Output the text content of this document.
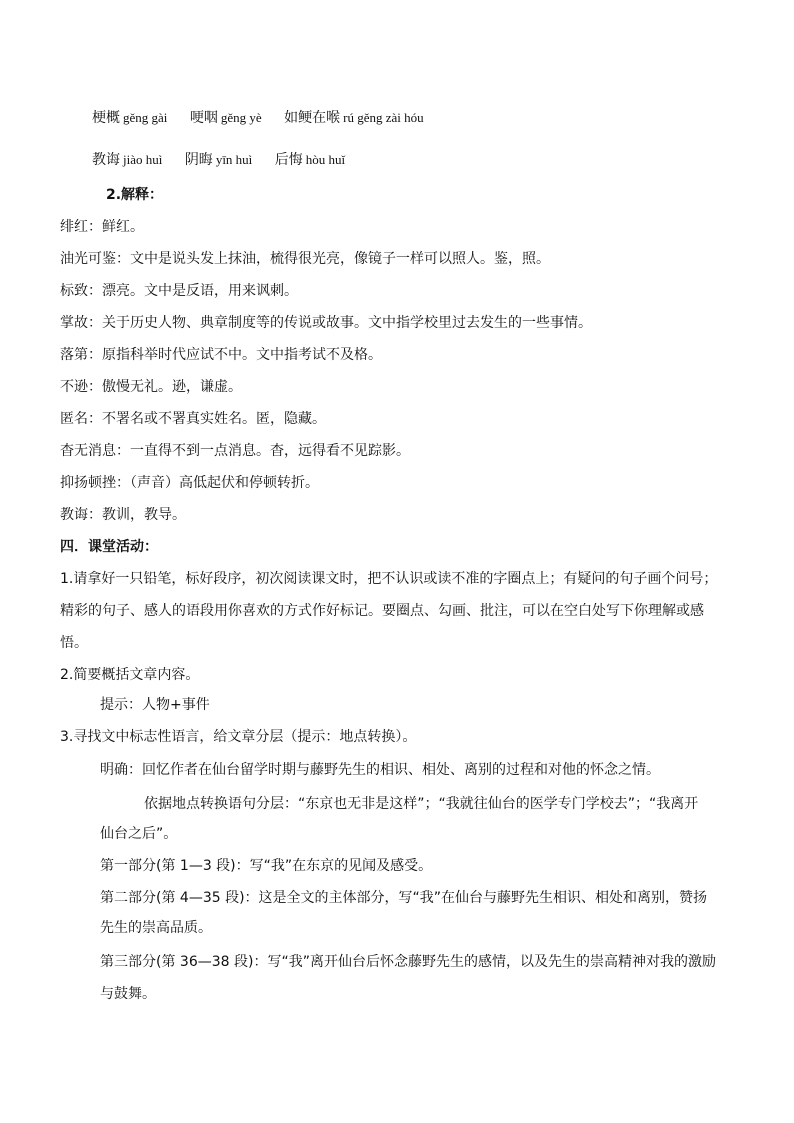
梗概 gěng gài 哽咽 gěng yè 如鲠在喉 rú gěng zài hóu
教诲 jiào huì 阴晦 yīn huì 后悔 hòu huǐ
2.解释：
绯红：鲜红。
油光可鉴：文中是说头发上抹油，梳得很光亮，像镜子一样可以照人。鉴，照。
标致：漂亮。文中是反语，用来讽刺。
掌故：关于历史人物、典章制度等的传说或故事。文中指学校里过去发生的一些事情。
落第：原指科举时代应试不中。文中指考试不及格。
不逊：傲慢无礼。逊，谦虚。
匿名：不署名或不署真实姓名。匿，隐藏。
杳无消息：一直得不到一点消息。杳，远得看不见踪影。
抑扬顿挫：（声音）高低起伏和停顿转折。
教诲：教训，教导。
四．课堂活动：
1.请拿好一只铅笔，标好段序，初次阅读课文时，把不认识或读不准的字圈点上；有疑问的句子画个问号；
精彩的句子、感人的语段用你喜欢的方式作好标记。要圈点、勾画、批注，可以在空白处写下你理解或感
悟。
2.简要概括文章内容。
提示：人物+事件
3.寻找文中标志性语言，给文章分层（提示：地点转换）。
明确：回忆作者在仙台留学时期与藤野先生的相识、相处、离别的过程和对他的怀念之情。
依据地点转换语句分层：“东京也无非是这样”；“我就往仙台的医学专门学校去”；“我离开
仙台之后”。
第一部分(第 1—3 段)：写“我”在东京的见闻及感受。
第二部分(第 4—35 段)：这是全文的主体部分，写“我”在仙台与藤野先生相识、相处和离别，赞扬
先生的崇高品质。
第三部分(第 36—38 段)：写“我”离开仙台后怀念藤野先生的感情，以及先生的崇高精神对我的激励
与鼓舞。
